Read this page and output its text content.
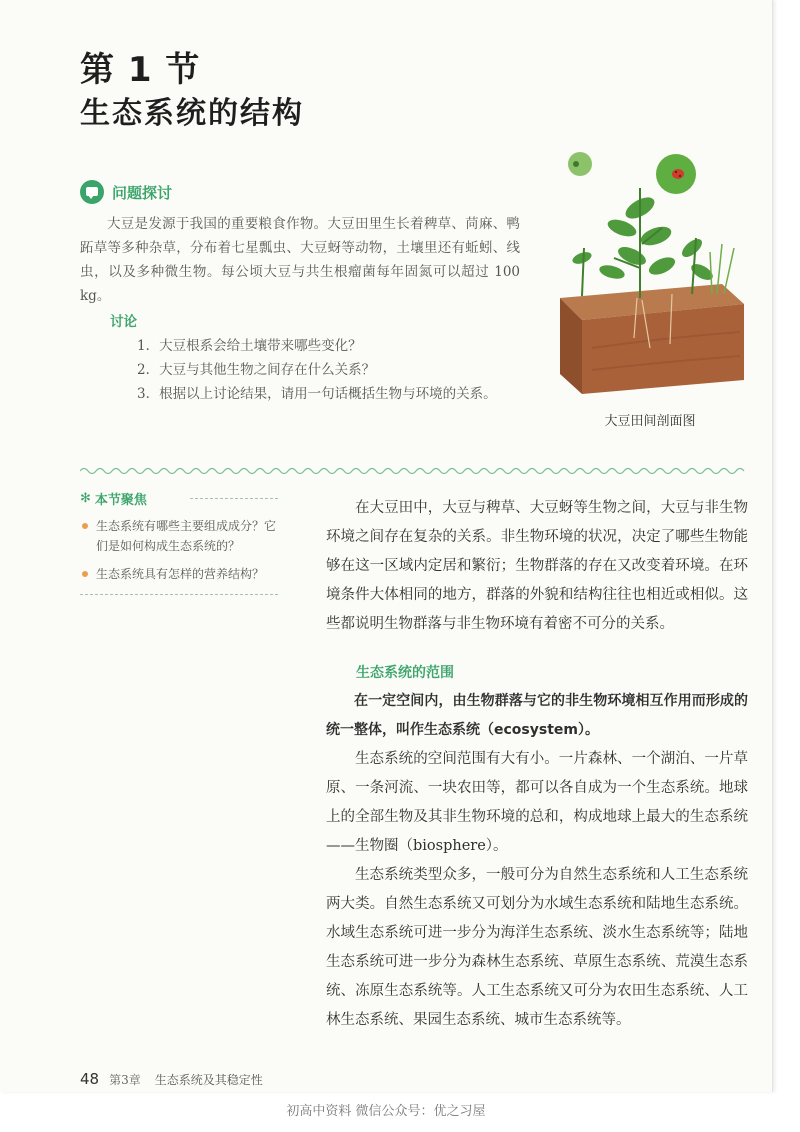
第 1 节
生态系统的结构
问题探讨

大豆是发源于我国的重要粮食作物。大豆田里生长着稗草、苘麻、鸭跖草等多种杂草，分布着七星瓢虫、大豆蚜等动物，土壤里还有蚯蚓、线虫，以及多种微生物。每公顷大豆与共生根瘤菌每年固氮可以超过 100 kg。

讨论

1．大豆根系会给土壤带来哪些变化？

2．大豆与其他生物之间存在什么关系？

3．根据以上讨论结果，请用一句话概括生物与环境的关系。

大豆田间剖面图
✻ 本节聚焦
生态系统有哪些主要组成成分？它们是如何构成生态系统的？
生态系统具有怎样的营养结构？

在大豆田中，大豆与稗草、大豆蚜等生物之间，大豆与非生物环境之间存在复杂的关系。非生物环境的状况，决定了哪些生物能够在这一区域内定居和繁衍；生物群落的存在又改变着环境。在环境条件大体相同的地方，群落的外貌和结构往往也相近或相似。这些都说明生物群落与非生物环境有着密不可分的关系。

生态系统的范围

在一定空间内，由生物群落与它的非生物环境相互作用而形成的统一整体，叫作生态系统（ecosystem）。

生态系统的空间范围有大有小。一片森林、一个湖泊、一片草原、一条河流、一块农田等，都可以各自成为一个生态系统。地球上的全部生物及其非生物环境的总和，构成地球上最大的生态系统——生物圈（biosphere）。

生态系统类型众多，一般可分为自然生态系统和人工生态系统两大类。自然生态系统又可划分为水域生态系统和陆地生态系统。水域生态系统可进一步分为海洋生态系统、淡水生态系统等；陆地生态系统可进一步分为森林生态系统、草原生态系统、荒漠生态系统、冻原生态系统等。人工生态系统又可分为农田生态系统、人工林生态系统、果园生态系统、城市生态系统等。

48 第3章 生态系统及其稳定性
初高中资料 微信公众号：优之习屋
